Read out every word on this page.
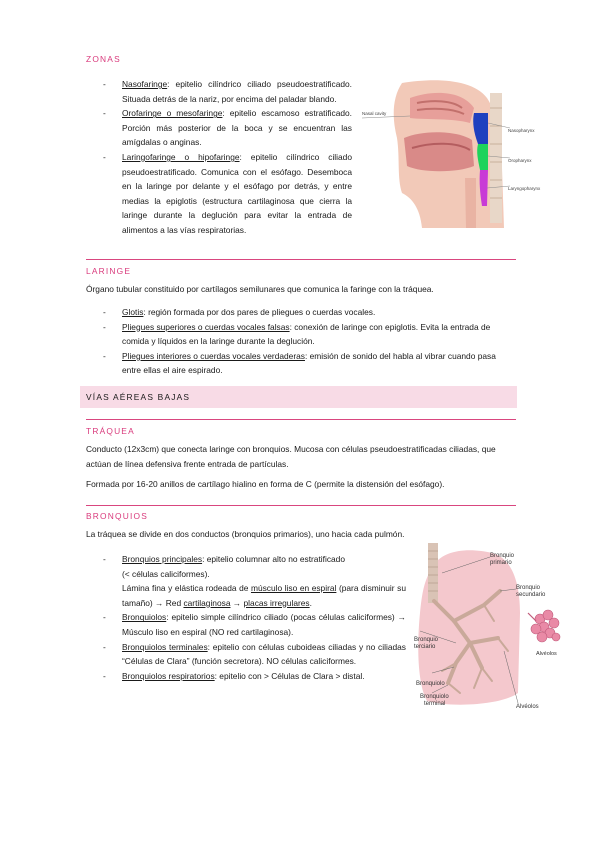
ZONAS
- Nasofaringe: epitelio cilíndrico ciliado pseudoestratificado. Situada detrás de la nariz, por encima del paladar blando.
- Orofaringe o mesofaringe: epitelio escamoso estratificado. Porción más posterior de la boca y se encuentran las amígdalas o anginas.
- Laringofaringe o hipofaringe: epitelio cilíndrico ciliado pseudoestratificado. Comunica con el esófago. Desemboca en la laringe por delante y el esófago por detrás, y entre medias la epiglotis (estructura cartilaginosa que cierra la laringe durante la deglución para evitar la entrada de alimentos a las vías respiratorias.
Nasal cavity
Nasopharynx
Oropharynx
Laryngopharynx
LARINGE
Órgano tubular constituido por cartílagos semilunares que comunica la faringe con la tráquea.
- Glotis: región formada por dos pares de pliegues o cuerdas vocales.
- Pliegues superiores o cuerdas vocales falsas: conexión de laringe con epiglotis. Evita la entrada de comida y líquidos en la laringe durante la deglución.
- Pliegues interiores o cuerdas vocales verdaderas: emisión de sonido del habla al vibrar cuando pasa entre ellas el aire espirado.
VÍAS AÉREAS BAJAS
TRÁQUEA
Conducto (12x3cm) que conecta laringe con bronquios. Mucosa con células pseudoestratificadas ciliadas, que actúan de línea defensiva frente entrada de partículas.
Formada por 16-20 anillos de cartílago hialino en forma de C (permite la distensión del esófago).
BRONQUIOS
La tráquea se divide en dos conductos (bronquios primarios), uno hacia cada pulmón.
- Bronquios principales: epitelio columnar alto no estratificado
(< células caliciformes).
Lámina fina y elástica rodeada de músculo liso en espiral (para disminuir su tamaño) → Red cartilaginosa → placas irregulares.
- Bronquiolos: epitelio simple cilíndrico ciliado (pocas células caliciformes) → Músculo liso en espiral (NO red cartilaginosa).
- Bronquiolos terminales: epitelio con células cuboideas ciliadas y no ciliadas “Células de Clara” (función secretora). NO células caliciformes.
- Bronquiolos respiratorios: epitelio con > Células de Clara > distal.
Bronquio
primario
Bronquio
secundario
Alvéolos
Bronquio
terciario
Bronquiolo
Bronquiolo
terminal	Alvéolos
